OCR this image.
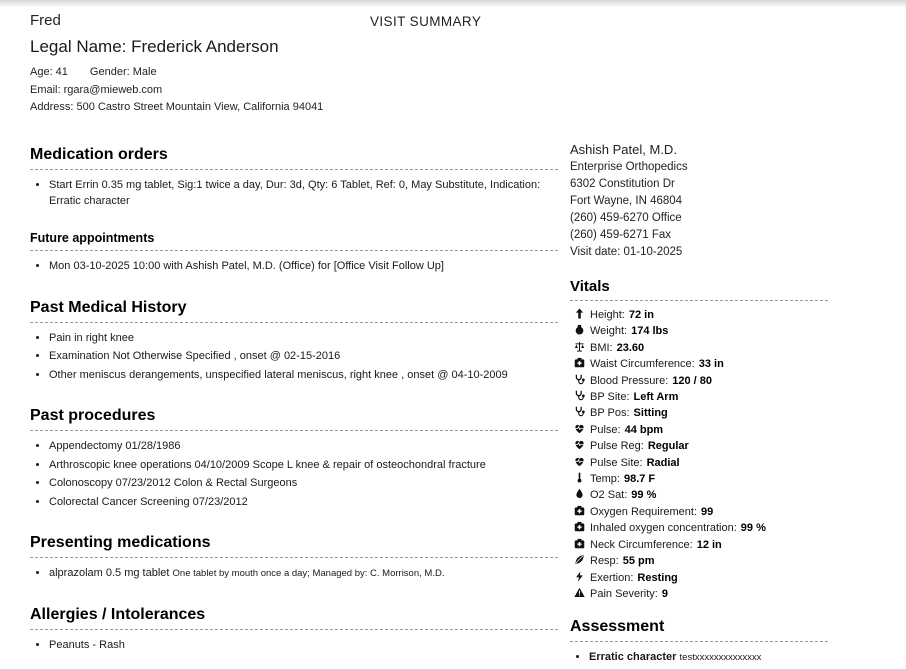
Fred	VISIT SUMMARY
Legal Name: Frederick Anderson
Age: 41 Gender: Male
Email: rgara@mieweb.com
Address: 500 Castro Street Mountain View, California 94041
Medication orders
• Start Errin 0.35 mg tablet, Sig:1 twice a day, Dur: 3d, Qty: 6 Tablet, Ref: 0, May Substitute, Indication: Erratic character
Future appointments
• Mon 03-10-2025 10:00 with Ashish Patel, M.D. (Office) for [Office Visit Follow Up]
Past Medical History
• Pain in right knee
• Examination Not Otherwise Specified , onset @ 02-15-2016
• Other meniscus derangements, unspecified lateral meniscus, right knee , onset @ 04-10-2009
Past procedures
• Appendectomy 01/28/1986
• Arthroscopic knee operations 04/10/2009 Scope L knee & repair of osteochondral fracture
• Colonoscopy 07/23/2012 Colon & Rectal Surgeons
• Colorectal Cancer Screening 07/23/2012
Presenting medications
• alprazolam 0.5 mg tablet One tablet by mouth once a day; Managed by: C. Morrison, M.D.
Allergies / Intolerances
• Peanuts - Rash
Ashish Patel, M.D.
Enterprise Orthopedics
6302 Constitution Dr
Fort Wayne, IN 46804
(260) 459-6270 Office
(260) 459-6271 Fax
Visit date: 01-10-2025
Vitals
Height: 72 in
Weight: 174 lbs
BMI: 23.60
Waist Circumference: 33 in
Blood Pressure: 120 / 80
BP Site: Left Arm
BP Pos: Sitting
Pulse: 44 bpm
Pulse Reg: Regular
Pulse Site: Radial
Temp: 98.7 F
O2 Sat: 99 %
Oxygen Requirement: 99
Inhaled oxygen concentration: 99 %
Neck Circumference: 12 in
Resp: 55 pm
Exertion: Resting
Pain Severity: 9
Assessment
• Erratic character testxxxxxxxxxxxxxx
